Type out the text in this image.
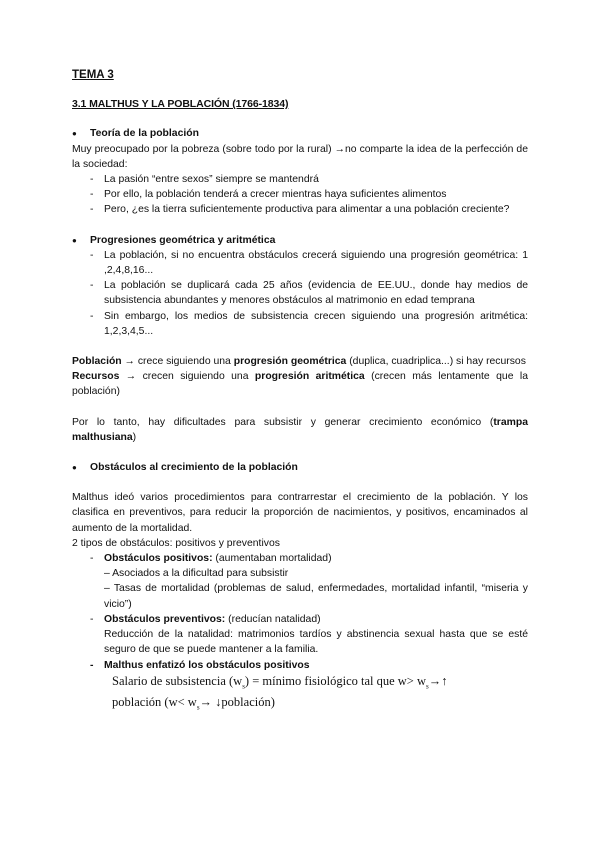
TEMA 3

3.1 MALTHUS Y LA POBLACIÓN (1766-1834)

● Teoría de la población

Muy preocupado por la pobreza (sobre todo por la rural) →no comparte la idea de la perfección de la sociedad:

- La pasión “entre sexos” siempre se mantendrá
- Por ello, la población tenderá a crecer mientras haya suficientes alimentos
- Pero, ¿es la tierra suficientemente productiva para alimentar a una población creciente?

● Progresiones geométrica y aritmética

- La población, si no encuentra obstáculos crecerá siguiendo una progresión geométrica: 1 ,2,4,8,16...
- La población se duplicará cada 25 años (evidencia de EE.UU., donde hay medios de subsistencia abundantes y menores obstáculos al matrimonio en edad temprana
- Sin embargo, los medios de subsistencia crecen siguiendo una progresión aritmética: 1,2,3,4,5...

Población → crece siguiendo una progresión geométrica (duplica, cuadriplica...) si hay recursos

Recursos → crecen siguiendo una progresión aritmética (crecen más lentamente que la población)

Por lo tanto, hay dificultades para subsistir y generar crecimiento económico (trampa malthusiana)

● Obstáculos al crecimiento de la población

Malthus ideó varios procedimientos para contrarrestar el crecimiento de la población. Y los clasifica en preventivos, para reducir la proporción de nacimientos, y positivos, encaminados al aumento de la mortalidad.

2 tipos de obstáculos: positivos y preventivos

- Obstáculos positivos: (aumentaban mortalidad)

– Asociados a la dificultad para subsistir

– Tasas de mortalidad (problemas de salud, enfermedades, mortalidad infantil, “miseria y vicio”)

- Obstáculos preventivos: (reducían natalidad)

Reducción de la natalidad: matrimonios tardíos y abstinencia sexual hasta que se esté seguro de que se puede mantener a la familia.

- Malthus enfatizó los obstáculos positivos

Salario de subsistencia $(w_s)$ = mínimo fisiológico tal que $w> w_s\to↑$

población ($w< w_s\to$ ↓población)
